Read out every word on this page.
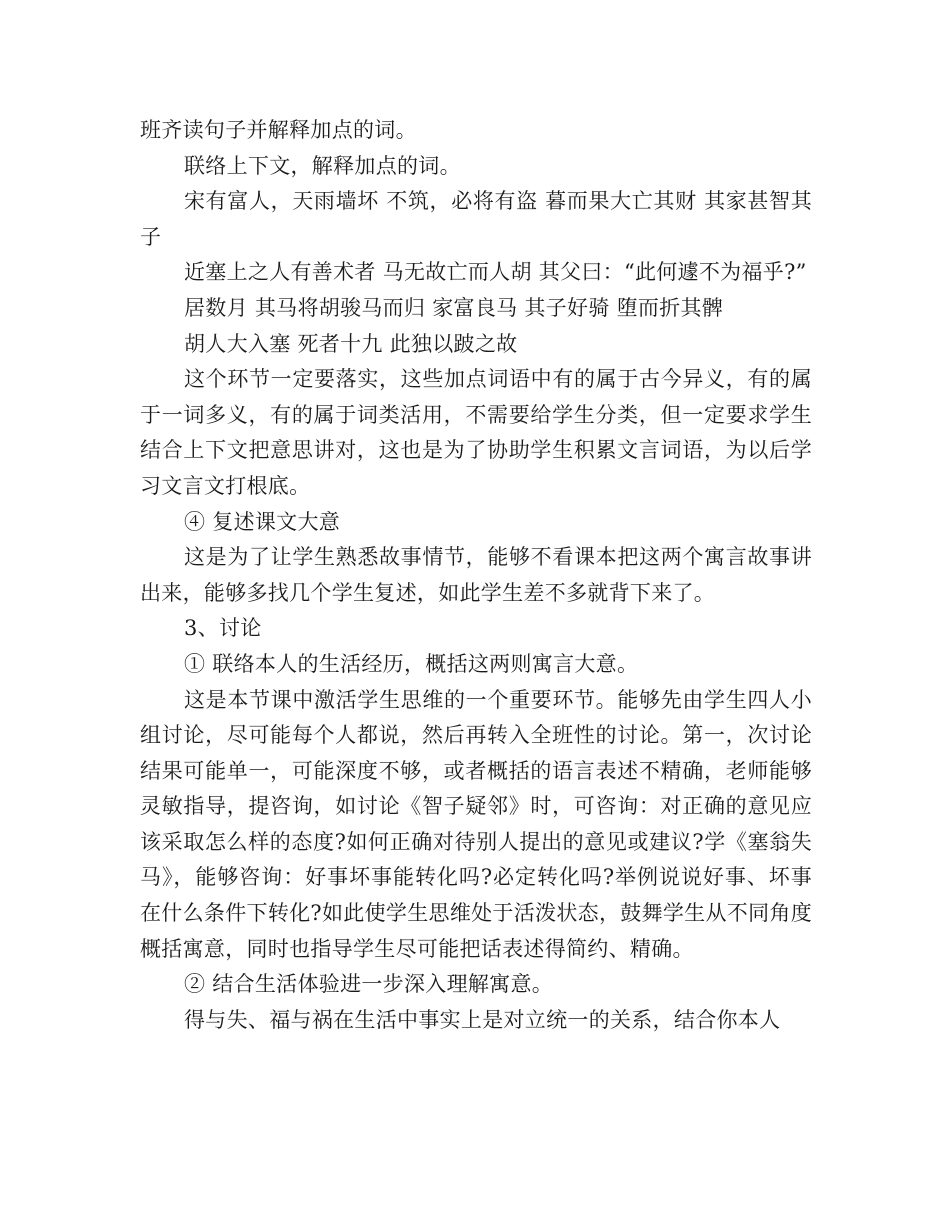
班齐读句子并解释加点的词。

联络上下文，解释加点的词。

宋有富人，天雨墙坏 不筑，必将有盗 暮而果大亡其财 其家甚智其子

近塞上之人有善术者 马无故亡而人胡 其父曰：“此何遽不为福乎?”

居数月 其马将胡骏马而归 家富良马 其子好骑 堕而折其髀

胡人大入塞 死者十九 此独以跛之故

这个环节一定要落实，这些加点词语中有的属于古今异义，有的属于一词多义，有的属于词类活用，不需要给学生分类，但一定要求学生结合上下文把意思讲对，这也是为了协助学生积累文言词语，为以后学习文言文打根底。

④ 复述课文大意

这是为了让学生熟悉故事情节，能够不看课本把这两个寓言故事讲出来，能够多找几个学生复述，如此学生差不多就背下来了。

3、讨论

① 联络本人的生活经历，概括这两则寓言大意。

这是本节课中激活学生思维的一个重要环节。能够先由学生四人小组讨论，尽可能每个人都说，然后再转入全班性的讨论。第一，次讨论结果可能单一，可能深度不够，或者概括的语言表述不精确，老师能够灵敏指导，提咨询，如讨论《智子疑邻》时，可咨询：对正确的意见应该采取怎么样的态度?如何正确对待别人提出的意见或建议?学《塞翁失马》，能够咨询：好事坏事能转化吗?必定转化吗?举例说说好事、坏事在什么条件下转化?如此使学生思维处于活泼状态，鼓舞学生从不同角度概括寓意，同时也指导学生尽可能把话表述得简约、精确。

② 结合生活体验进一步深入理解寓意。

得与失、福与祸在生活中事实上是对立统一的关系，结合你本人
